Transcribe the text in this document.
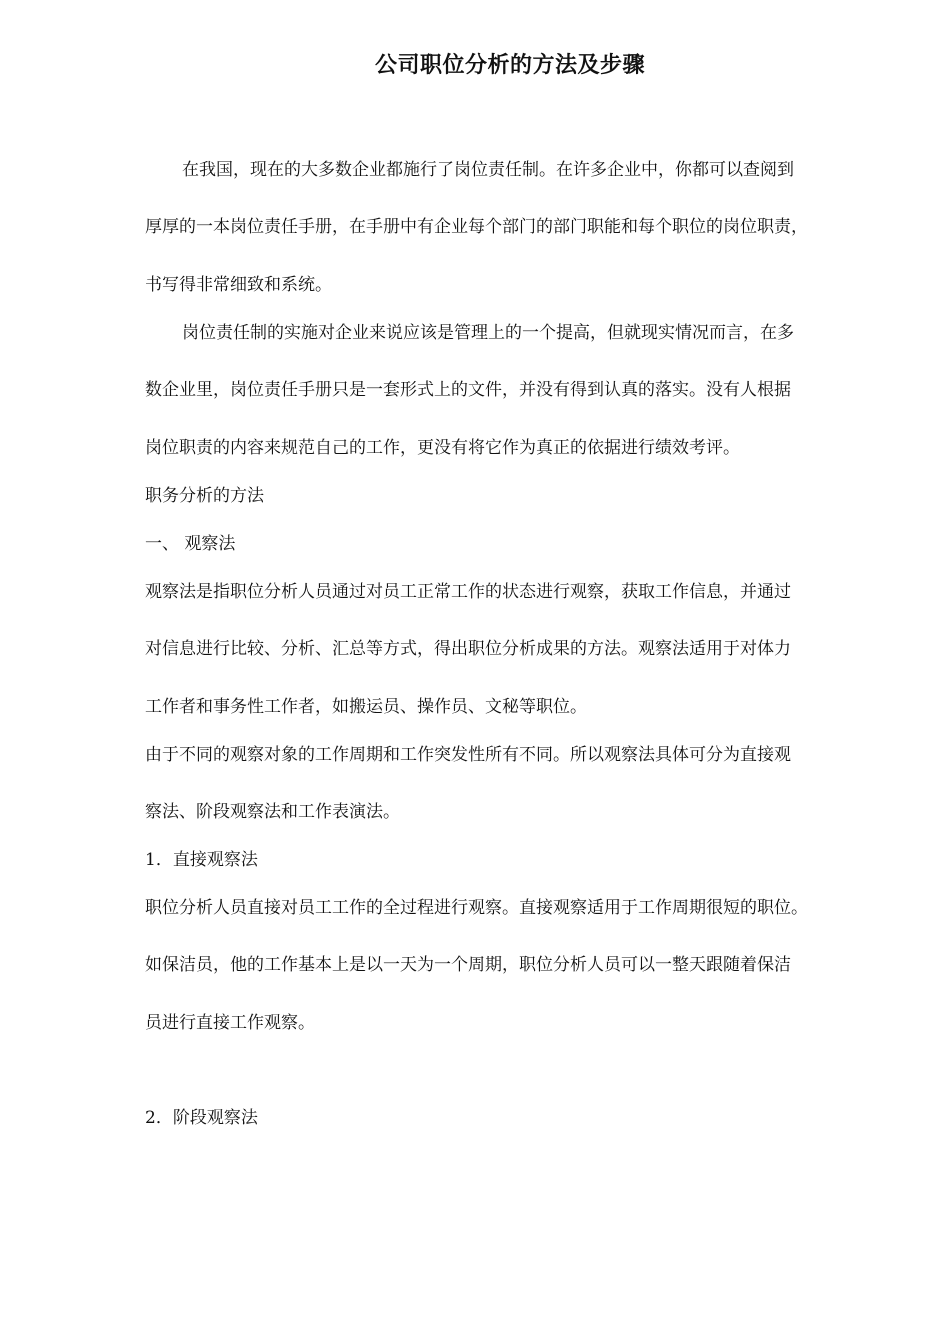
公司职位分析的方法及步骤
在我国，现在的大多数企业都施行了岗位责任制。在许多企业中，你都可以查阅到
厚厚的一本岗位责任手册，在手册中有企业每个部门的部门职能和每个职位的岗位职责，
书写得非常细致和系统。
岗位责任制的实施对企业来说应该是管理上的一个提高，但就现实情况而言，在多
数企业里，岗位责任手册只是一套形式上的文件，并没有得到认真的落实。没有人根据
岗位职责的内容来规范自己的工作，更没有将它作为真正的依据进行绩效考评。
职务分析的方法
一、 观察法
观察法是指职位分析人员通过对员工正常工作的状态进行观察，获取工作信息，并通过
对信息进行比较、分析、汇总等方式，得出职位分析成果的方法。观察法适用于对体力
工作者和事务性工作者，如搬运员、操作员、文秘等职位。
由于不同的观察对象的工作周期和工作突发性所有不同。所以观察法具体可分为直接观
察法、阶段观察法和工作表演法。
1．直接观察法
职位分析人员直接对员工工作的全过程进行观察。直接观察适用于工作周期很短的职位。
如保洁员，他的工作基本上是以一天为一个周期，职位分析人员可以一整天跟随着保洁
员进行直接工作观察。
2．阶段观察法
